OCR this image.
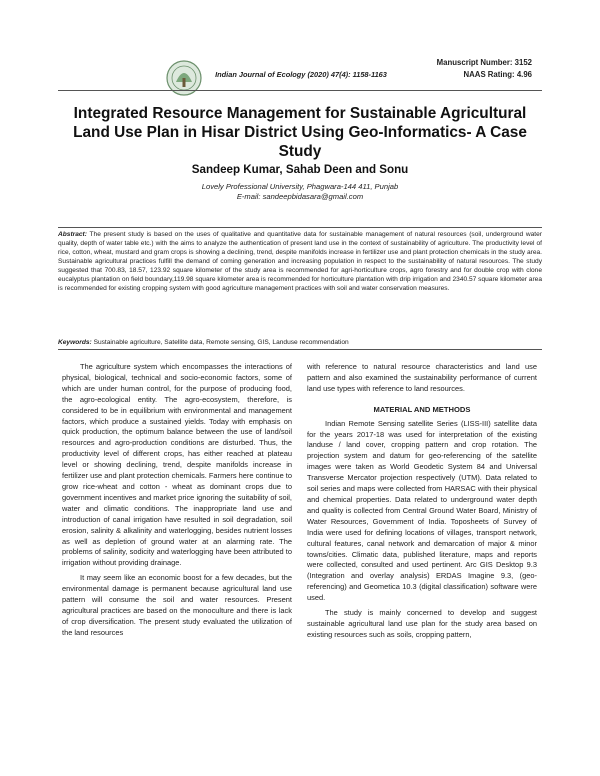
Indian Journal of Ecology (2020) 47(4): 1158-1163
Manuscript Number: 3152
NAAS Rating: 4.96
Integrated Resource Management for Sustainable Agricultural Land Use Plan in Hisar District Using Geo-Informatics- A Case Study
Sandeep Kumar, Sahab Deen and Sonu
Lovely Professional University, Phagwara-144 411, Punjab
E-mail: sandeepbidasara@gmail.com
Abstract: The present study is based on the uses of qualitative and quantitative data for sustainable management of natural resources (soil, underground water quality, depth of water table etc.) with the aims to analyze the authentication of present land use in the context of sustainability of agriculture. The productivity level of rice, cotton, wheat, mustard and gram crops is showing a declining, trend, despite manifolds increase in fertilizer use and plant protection chemicals in the study area. Sustainable agricultural practices fulfill the demand of coming generation and increasing population in respect to the sustainability of natural resources. The study suggested that 700.83, 18.57, 123.92 square kilometer of the study area is recommended for agri-horticulture crops, agro forestry and for double crop with clone eucalyptus plantation on field boundary,119.98 square kilometer area is recommended for horticulture plantation with drip irrigation and 2340.57 square kilometer area is recommended for existing cropping system with good agriculture management practices with soil and water conservation measures.
Keywords: Sustainable agriculture, Satellite data, Remote sensing, GIS, Landuse recommendation

The agriculture system which encompasses the interactions of physical, biological, technical and socio-economic factors, some of which are under human control, for the purpose of producing food, the agro-ecological entity. The agro-ecosystem, therefore, is considered to be in equilibrium with environmental and management factors, which produce a sustained yields. Today with emphasis on quick production, the optimum balance between the use of land/soil resources and agro-production conditions are disturbed. Thus, the productivity level of different crops, has either reached at plateau level or showing declining, trend, despite manifolds increase in fertilizer use and plant protection chemicals. Farmers here continue to grow rice-wheat and cotton - wheat as dominant crops due to government incentives and market price ignoring the suitability of soil, water and climatic conditions. The inappropriate land use and introduction of canal irrigation have resulted in soil degradation, soil erosion, salinity & alkalinity and waterlogging, besides nutrient losses as well as depletion of ground water at an alarming rate. The problems of salinity, sodicity and waterlogging have been attributed to irrigation without providing drainage.

It may seem like an economic boost for a few decades, but the environmental damage is permanent because agricultural land use pattern will consume the soil and water resources. Present agricultural practices are based on the monoculture and there is lack of crop diversification. The present study evaluated the utilization of the land resources

with reference to natural resource characteristics and land use pattern and also examined the sustainability performance of current land use types with reference to land resources.

MATERIAL AND METHODS

Indian Remote Sensing satellite Series (LISS-III) satellite data for the years 2017-18 was used for interpretation of the existing landuse / land cover, cropping pattern and crop rotation. The projection system and datum for geo-referencing of the satellite images were taken as World Geodetic System 84 and Universal Transverse Mercator projection respectively (UTM). Data related to soil series and maps were collected from HARSAC with their physical and chemical properties. Data related to underground water depth and quality is collected from Central Ground Water Board, Ministry of Water Resources, Government of India. Toposheets of Survey of India were used for defining locations of villages, transport network, cultural features, canal network and demarcation of major & minor towns/cities. Climatic data, published literature, maps and reports were collected, consulted and used pertinent. Arc GIS Desktop 9.3 (Integration and overlay analysis) ERDAS Imagine 9.3, (geo-referencing) and Geometica 10.3 (digital classification) software were used.

The study is mainly concerned to develop and suggest sustainable agricultural land use plan for the study area based on existing resources such as soils, cropping pattern,
